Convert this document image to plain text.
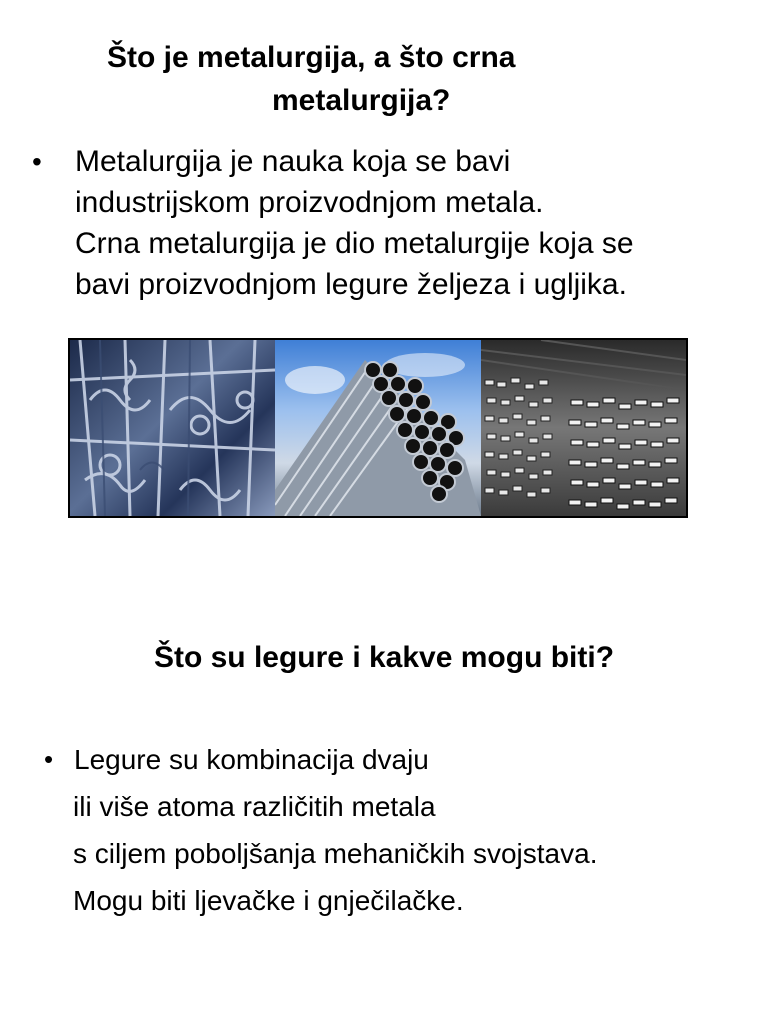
Što je metalurgija, a što crna
metalurgija?
•	Metalurgija je nauka koja se bavi
industrijskom proizvodnjom metala.
Crna metalurgija je dio metalurgije koja se
bavi proizvodnjom legure željeza i ugljika.
Što su legure i kakve mogu biti?
• Legure su kombinacija dvaju
ili više atoma različitih metala
s ciljem poboljšanja mehaničkih svojstava.
Mogu biti ljevačke i gnječilačke.
